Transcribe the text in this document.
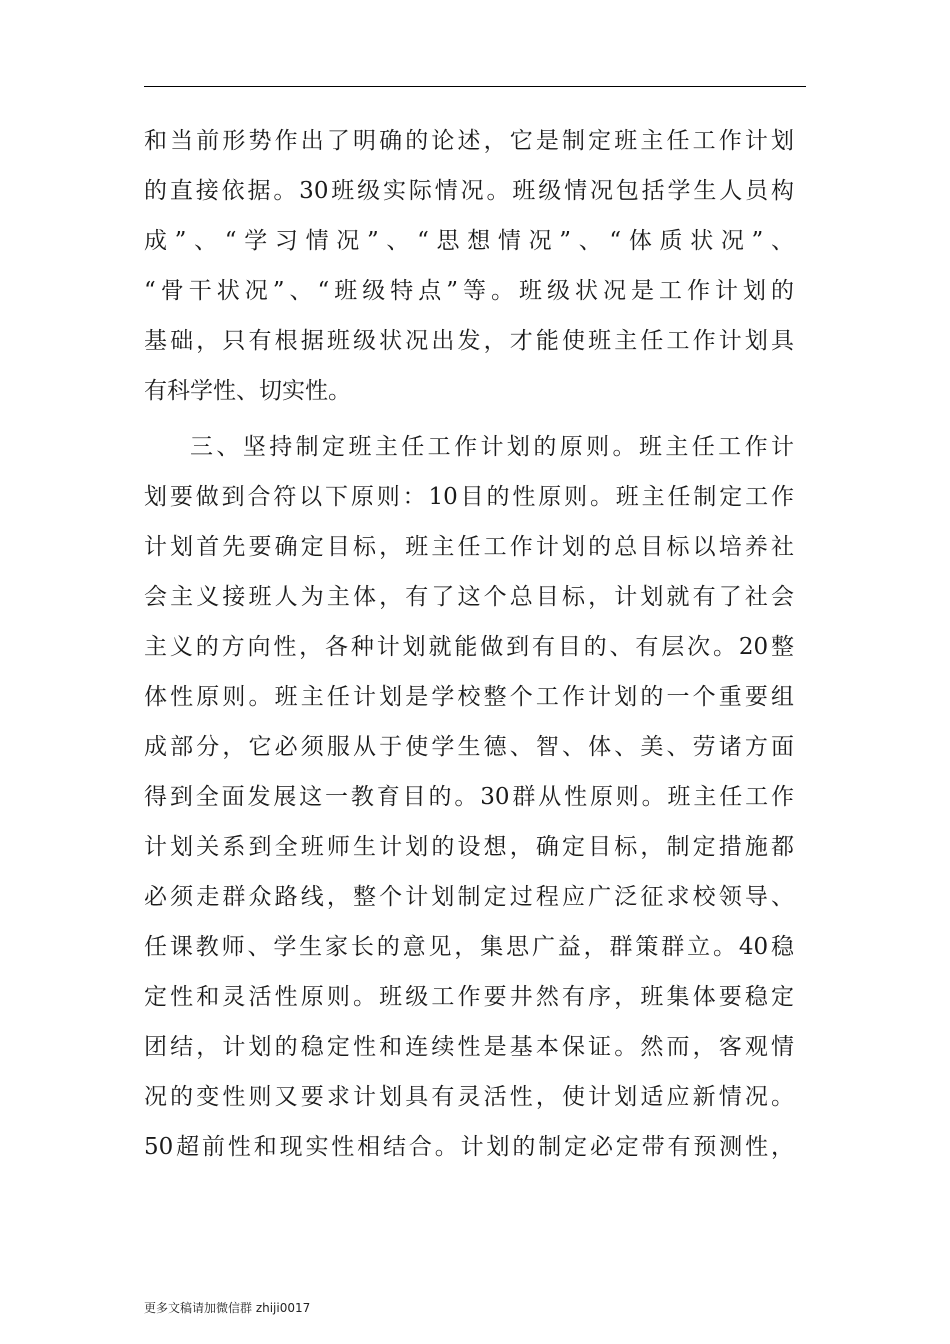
和当前形势作出了明确的论述，它是制定班主任工作计划
的直接依据。30班级实际情况。班级情况包括学生人员构
成”、“学习情况”、“思想情况”、“体质状况”、
“骨干状况”、“班级特点”等。班级状况是工作计划的
基础，只有根据班级状况出发，才能使班主任工作计划具
有科学性、切实性。
三、坚持制定班主任工作计划的原则。班主任工作计
划要做到合符以下原则：10目的性原则。班主任制定工作
计划首先要确定目标，班主任工作计划的总目标以培养社
会主义接班人为主体，有了这个总目标，计划就有了社会
主义的方向性，各种计划就能做到有目的、有层次。20整
体性原则。班主任计划是学校整个工作计划的一个重要组
成部分，它必须服从于使学生德、智、体、美、劳诸方面
得到全面发展这一教育目的。30群从性原则。班主任工作
计划关系到全班师生计划的设想，确定目标，制定措施都
必须走群众路线，整个计划制定过程应广泛征求校领导、
任课教师、学生家长的意见，集思广益，群策群立。40稳
定性和灵活性原则。班级工作要井然有序，班集体要稳定
团结，计划的稳定性和连续性是基本保证。然而，客观情
况的变性则又要求计划具有灵活性，使计划适应新情况。
50超前性和现实性相结合。计划的制定必定带有预测性，
更多文稿请加微信群 zhiji0017
